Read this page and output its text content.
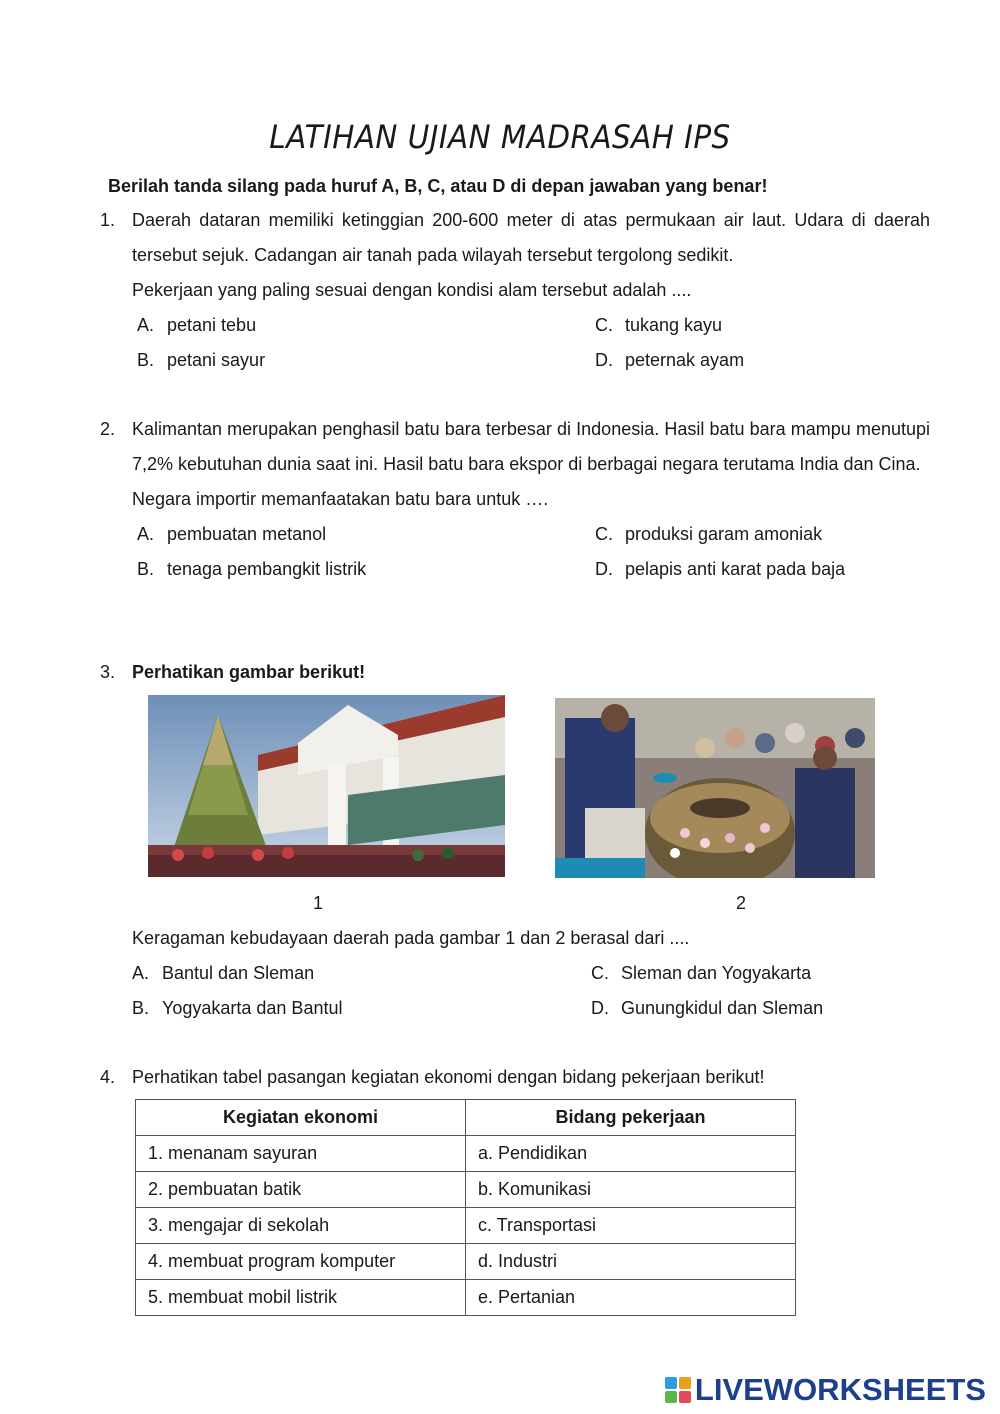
LATIHAN UJIAN MADRASAH IPS
Berilah tanda silang pada huruf A, B, C, atau D di depan jawaban yang benar!
1. Daerah dataran memiliki ketinggian 200-600 meter di atas permukaan air laut. Udara di daerah tersebut sejuk. Cadangan air tanah pada wilayah tersebut tergolong sedikit.
Pekerjaan yang paling sesuai dengan kondisi alam tersebut adalah ....
A. petani tebu
B. petani sayur
C. tukang kayu
D. peternak ayam
2. Kalimantan merupakan penghasil batu bara terbesar di Indonesia. Hasil batu bara mampu menutupi 7,2% kebutuhan dunia saat ini. Hasil batu bara ekspor di berbagai negara terutama India dan Cina.
Negara importir memanfaatakan batu bara untuk ….
A. pembuatan metanol
B. tenaga pembangkit listrik
C. produksi garam amoniak
D. pelapis anti karat pada baja
3. Perhatikan gambar berikut!
1	2
Keragaman kebudayaan daerah pada gambar 1 dan 2 berasal dari ....
A. Bantul dan Sleman
B. Yogyakarta dan Bantul
C. Sleman dan Yogyakarta
D. Gunungkidul dan Sleman
4. Perhatikan tabel pasangan kegiatan ekonomi dengan bidang pekerjaan berikut!
Kegiatan ekonomi	Bidang pekerjaan
1. menanam sayuran	a. Pendidikan
2. pembuatan batik	b. Komunikasi
3. mengajar di sekolah	c. Transportasi
4. membuat program komputer	d. Industri
5. membuat mobil listrik	e. Pertanian
LIVEWORKSHEETS
